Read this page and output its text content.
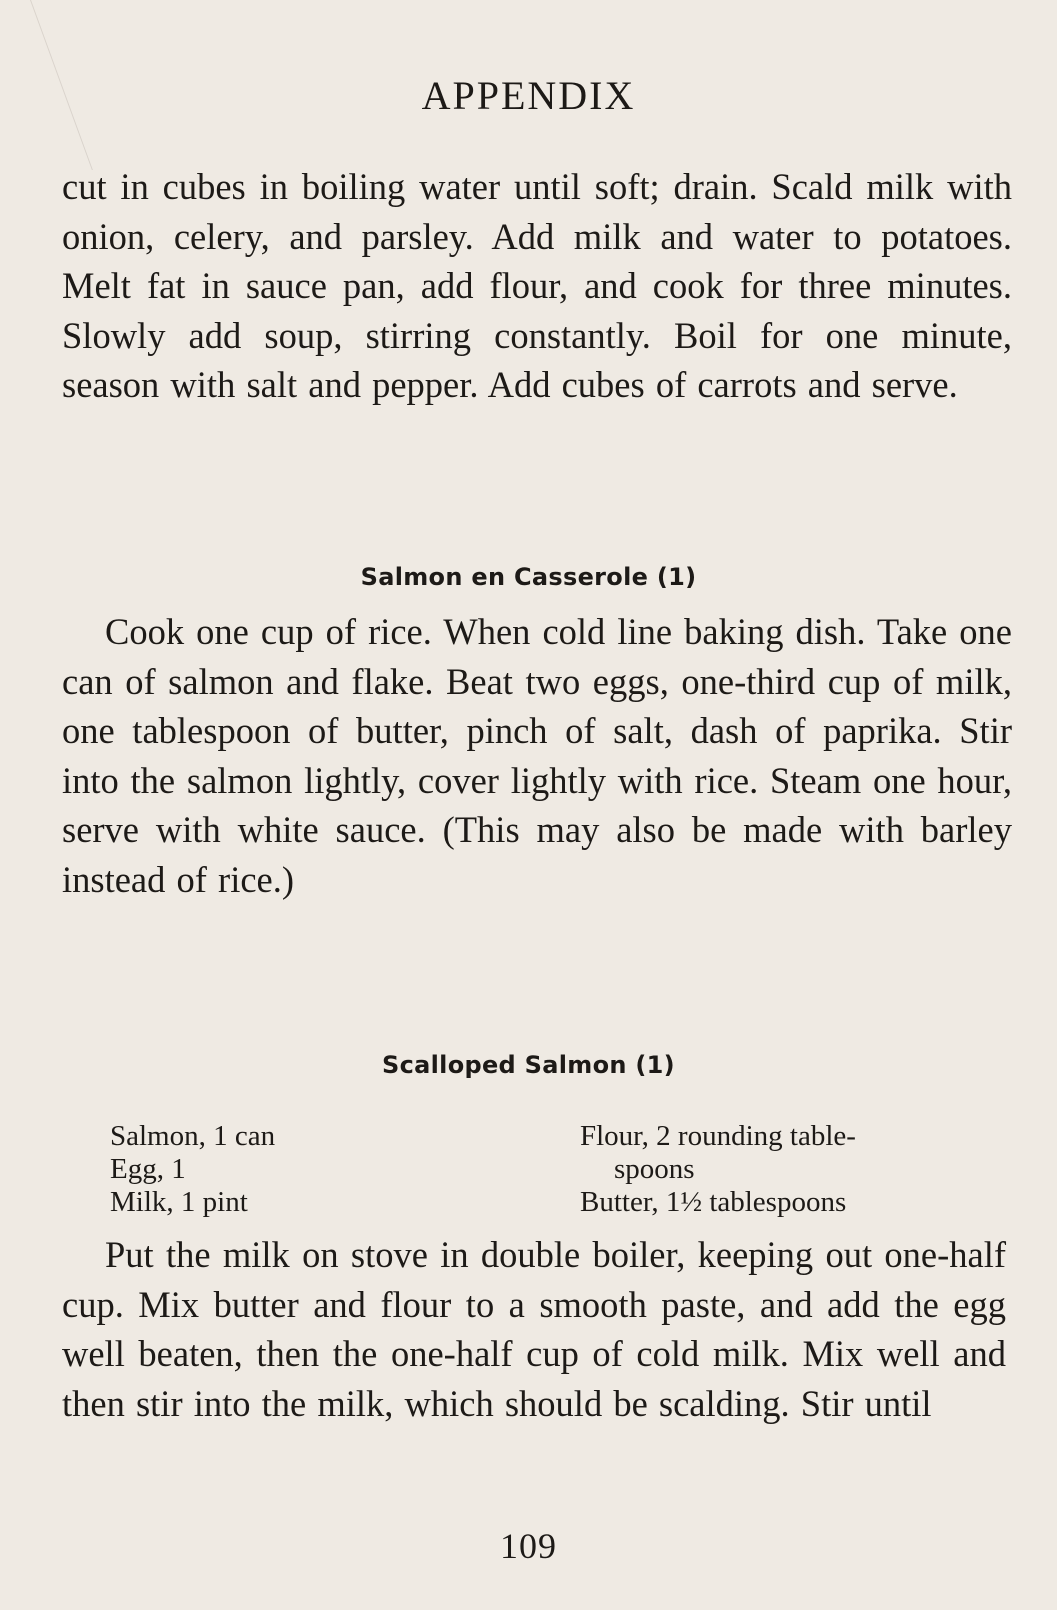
APPENDIX

cut in cubes in boiling water until soft; drain. Scald milk with onion, celery, and parsley. Add milk and water to potatoes. Melt fat in sauce pan, add flour, and cook for three minutes. Slowly add soup, stirring constantly. Boil for one minute, season with salt and pepper. Add cubes of carrots and serve.

Salmon en Casserole (1)

Cook one cup of rice. When cold line baking dish. Take one can of salmon and flake. Beat two eggs, one-third cup of milk, one tablespoon of butter, pinch of salt, dash of paprika. Stir into the salmon lightly, cover lightly with rice. Steam one hour, serve with white sauce. (This may also be made with barley instead of rice.)

Scalloped Salmon (1)
Salmon, 1 can
Egg, 1
Milk, 1 pint
Flour, 2 rounding table-
spoons
Butter, 1½ tablespoons

Put the milk on stove in double boiler, keeping out one-half cup. Mix butter and flour to a smooth paste, and add the egg well beaten, then the one-half cup of cold milk. Mix well and then stir into the milk, which should be scalding. Stir until

109
